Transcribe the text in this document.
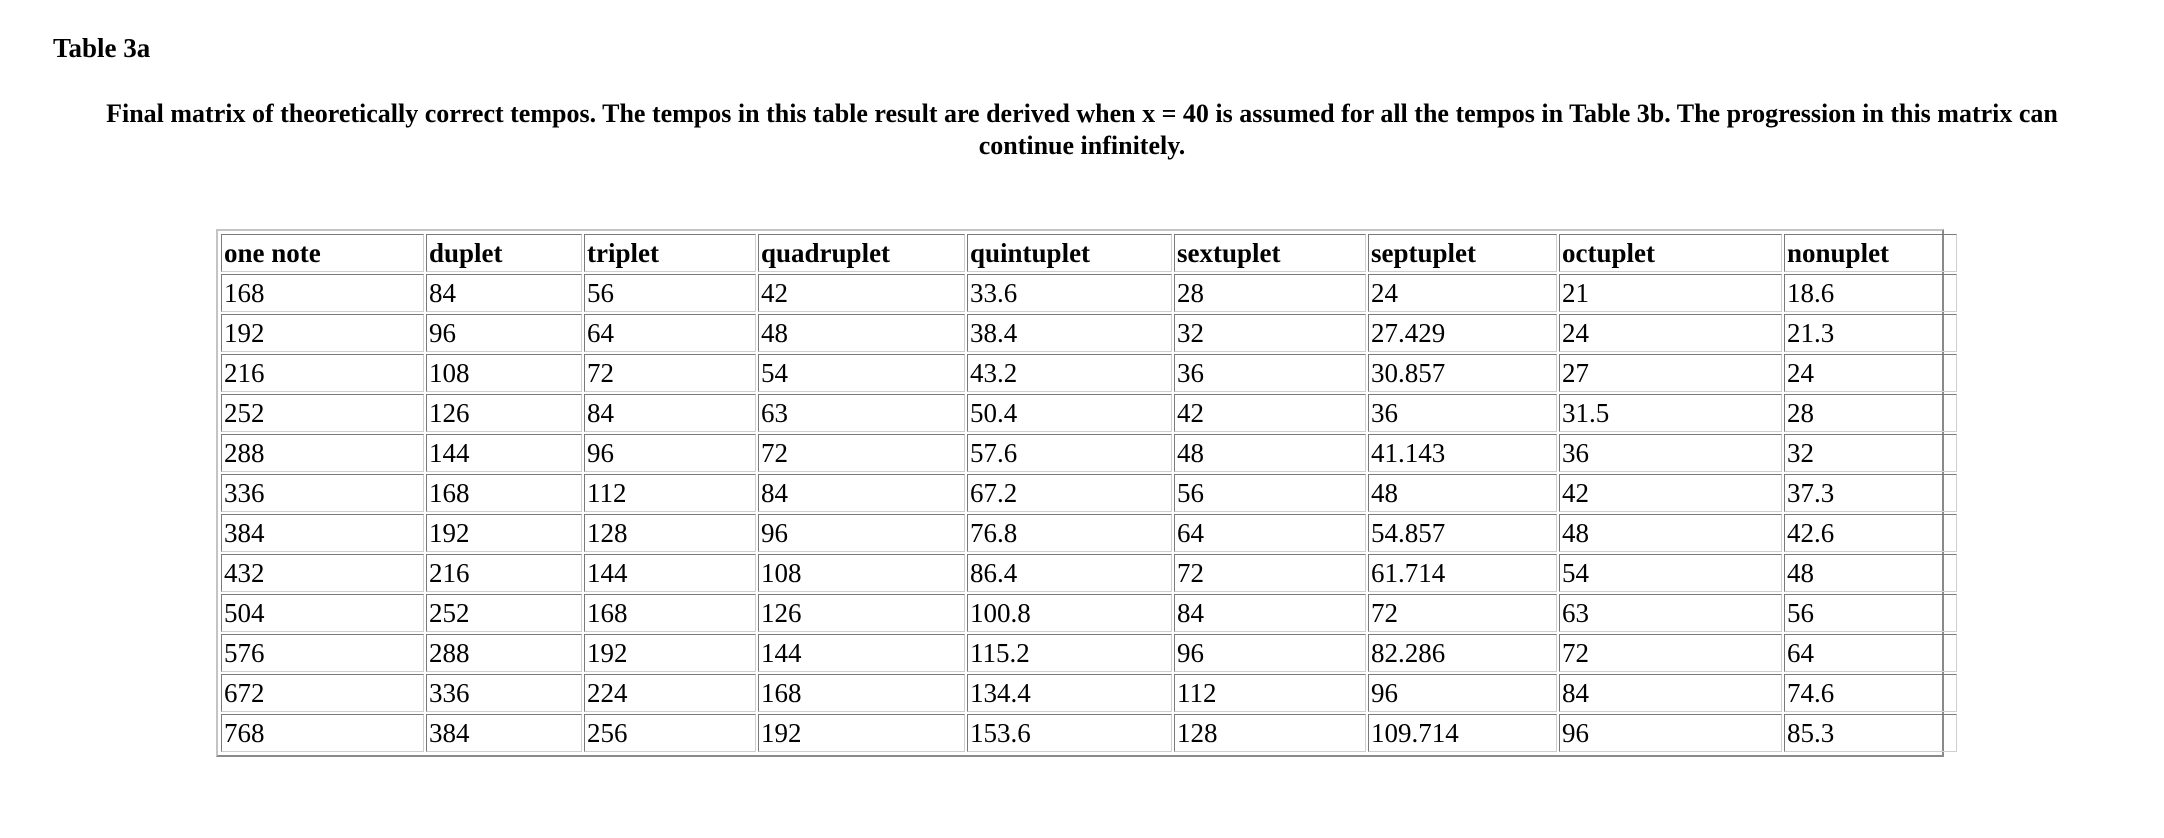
Table 3a

Final matrix of theoretically correct tempos. The tempos in this table result are derived when x = 40 is assumed for all the tempos in Table 3b. The progression in this matrix can continue infinitely.

one note	duplet	triplet	quadruplet	quintuplet	sextuplet	septuplet	octuplet	nonuplet
168	84	56	42	33.6	28	24	21	18.6
192	96	64	48	38.4	32	27.429	24	21.3
216	108	72	54	43.2	36	30.857	27	24
252	126	84	63	50.4	42	36	31.5	28
288	144	96	72	57.6	48	41.143	36	32
336	168	112	84	67.2	56	48	42	37.3
384	192	128	96	76.8	64	54.857	48	42.6
432	216	144	108	86.4	72	61.714	54	48
504	252	168	126	100.8	84	72	63	56
576	288	192	144	115.2	96	82.286	72	64
672	336	224	168	134.4	112	96	84	74.6
768	384	256	192	153.6	128	109.714	96	85.3
